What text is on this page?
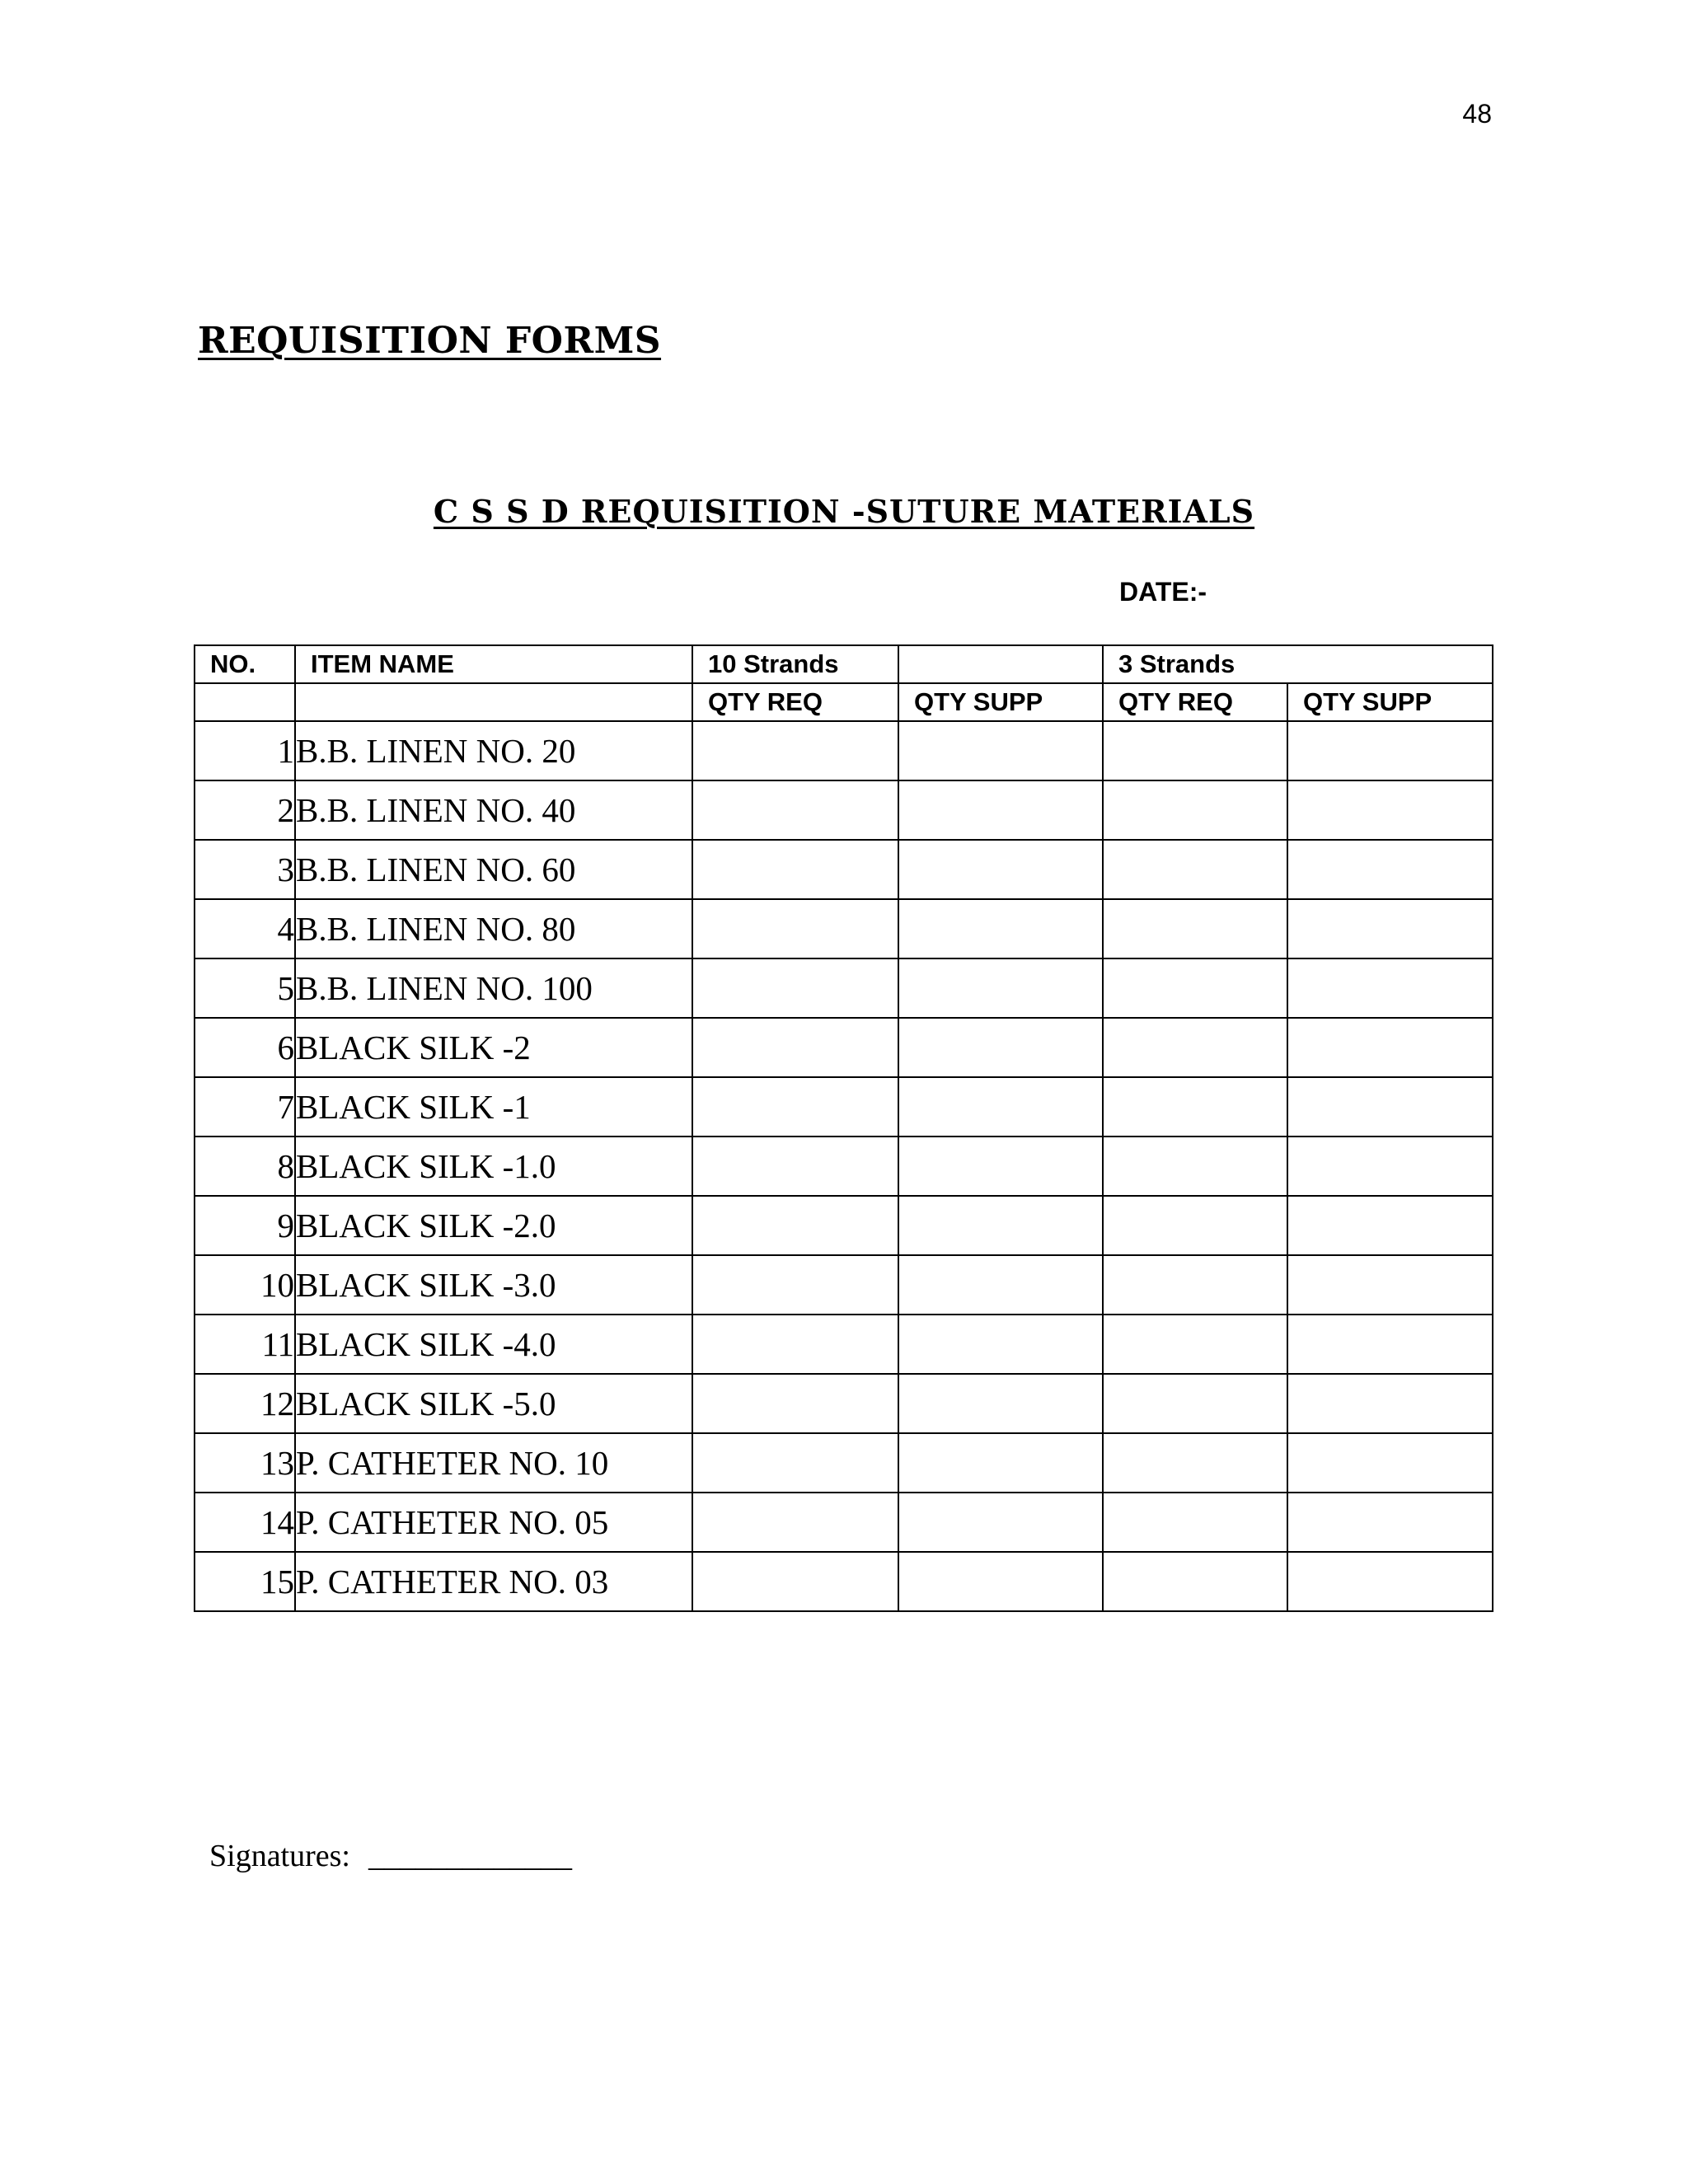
48
REQUISITION FORMS
C S S D REQUISITION -SUTURE MATERIALS
DATE:-
NO.	ITEM NAME	10 Strands		3 Strands	
		QTY REQ	QTY SUPP	QTY REQ	QTY SUPP
1	B.B. LINEN NO. 20				
2	B.B. LINEN NO. 40				
3	B.B. LINEN NO. 60				
4	B.B. LINEN NO. 80				
5	B.B. LINEN NO. 100				
6	BLACK SILK -2				
7	BLACK SILK -1				
8	BLACK SILK -1.0				
9	BLACK SILK -2.0				
10	BLACK SILK -3.0				
11	BLACK SILK -4.0				
12	BLACK SILK -5.0				
13	P. CATHETER NO. 10				
14	P. CATHETER NO. 05				
15	P. CATHETER NO. 03				
Signatures: _____________
